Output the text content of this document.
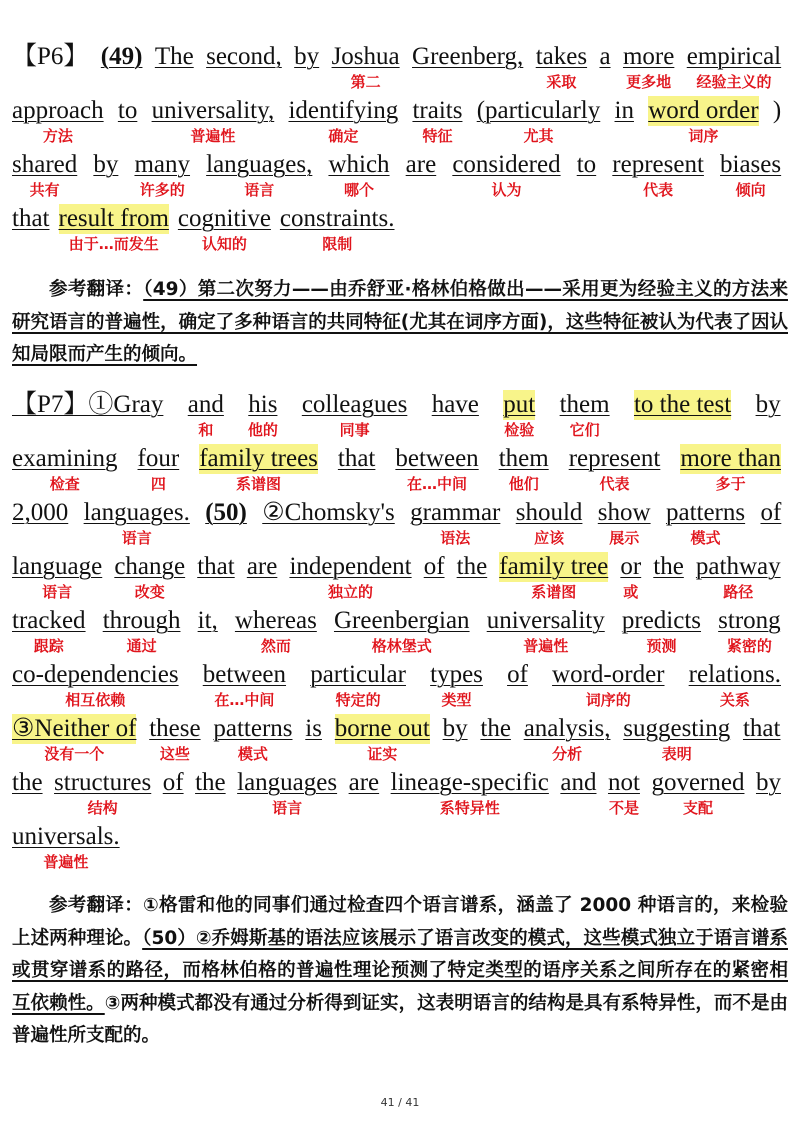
【P6】 (49) The second, by Joshua Greenberg, takes a more empirical
第二	采取	更多地 经验主义的
approach to universality, identifying traits (particularly in word order )
方法	普遍性	确定	特征	尤其	词序
shared by many languages, which are considered to represent biases
共有	许多的	语言	哪个	认为	代表	倾向
that result from cognitive constraints.
由于…而发生	认知的	限制
参考翻译：（49）第二次努力——由乔舒亚·格林伯格做出——采用更为经验主义的方法来研究语言的普遍性，确定了多种语言的共同特征(尤其在词序方面)，这些特征被认为代表了因认知局限而产生的倾向。
【P7】①Gray and his colleagues have put them to the test by
和 他的	同事	检验 它们
examining four family trees that between them represent more than
检查	四	系谱图	在…中间	他们	代表	多于
2,000 languages. (50) ②Chomsky's grammar should show patterns of
语言	语法	应该	展示	模式
language change that are independent of the family tree or the pathway
语言	改变	独立的	系谱图	或	路径
tracked through it, whereas Greenbergian universality predicts strong
跟踪	通过	然而	格林堡式	普遍性	预测	紧密的
co-dependencies between particular types of word-order relations.
相互依赖	在…中间	特定的	类型	词序的	关系
③Neither of these patterns is borne out by the analysis, suggesting that
没有一个	这些	模式	证实	分析	表明
the structures of the languages are lineage-specific and not governed by
结构	语言	系特异性	不是	支配
universals.
普遍性
参考翻译：①格雷和他的同事们通过检查四个语言谱系，涵盖了 2000 种语言的，来检验上述两种理论。（50）②乔姆斯基的语法应该展示了语言改变的模式，这些模式独立于语言谱系或贯穿谱系的路径，而格林伯格的普遍性理论预测了特定类型的语序关系之间所存在的紧密相互依赖性。③两种模式都没有通过分析得到证实，这表明语言的结构是具有系特异性，而不是由普遍性所支配的。
41 / 41
